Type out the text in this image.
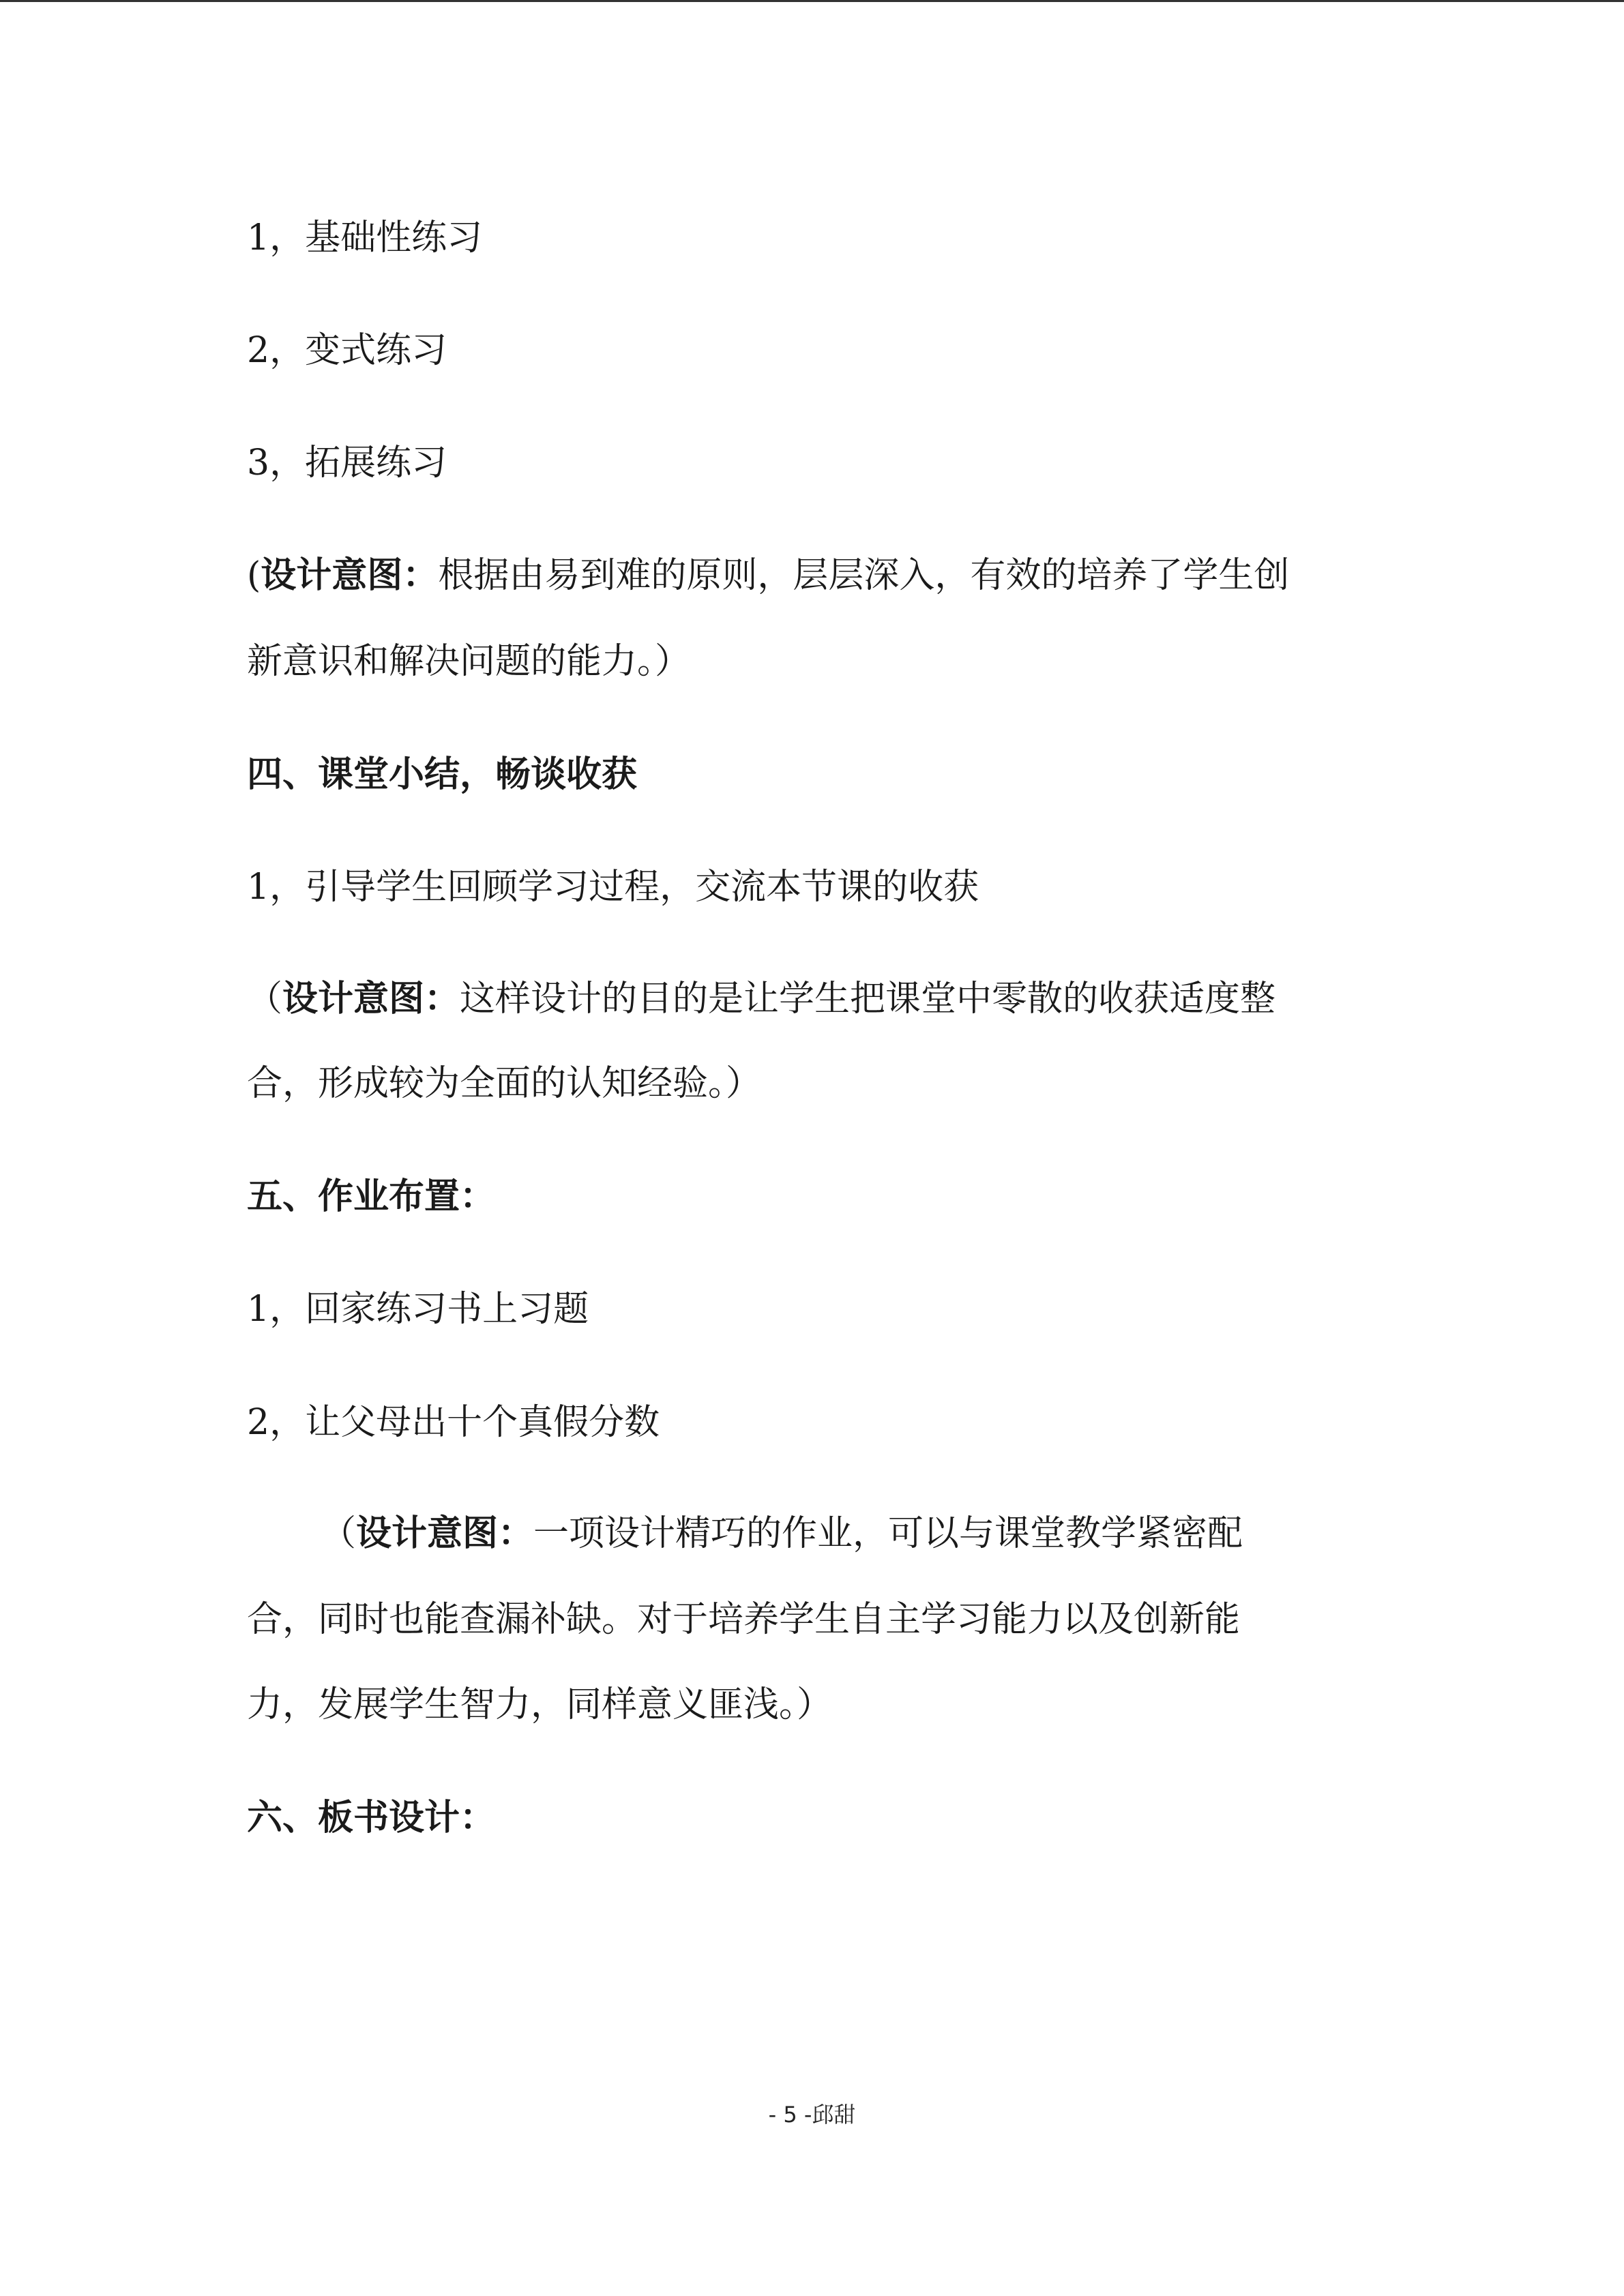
1，基础性练习
2，变式练习
3，拓展练习
(设计意图：根据由易到难的原则，层层深入，有效的培养了学生创
新意识和解决问题的能力。）
四、课堂小结，畅谈收获
1，引导学生回顾学习过程，交流本节课的收获
（设计意图：这样设计的目的是让学生把课堂中零散的收获适度整
合，形成较为全面的认知经验。）
五、作业布置：
1，回家练习书上习题
2，让父母出十个真假分数
（设计意图：一项设计精巧的作业，可以与课堂教学紧密配
合，同时也能查漏补缺。对于培养学生自主学习能力以及创新能
力，发展学生智力，同样意义匪浅。）
六、板书设计：
- 5 -邱甜
